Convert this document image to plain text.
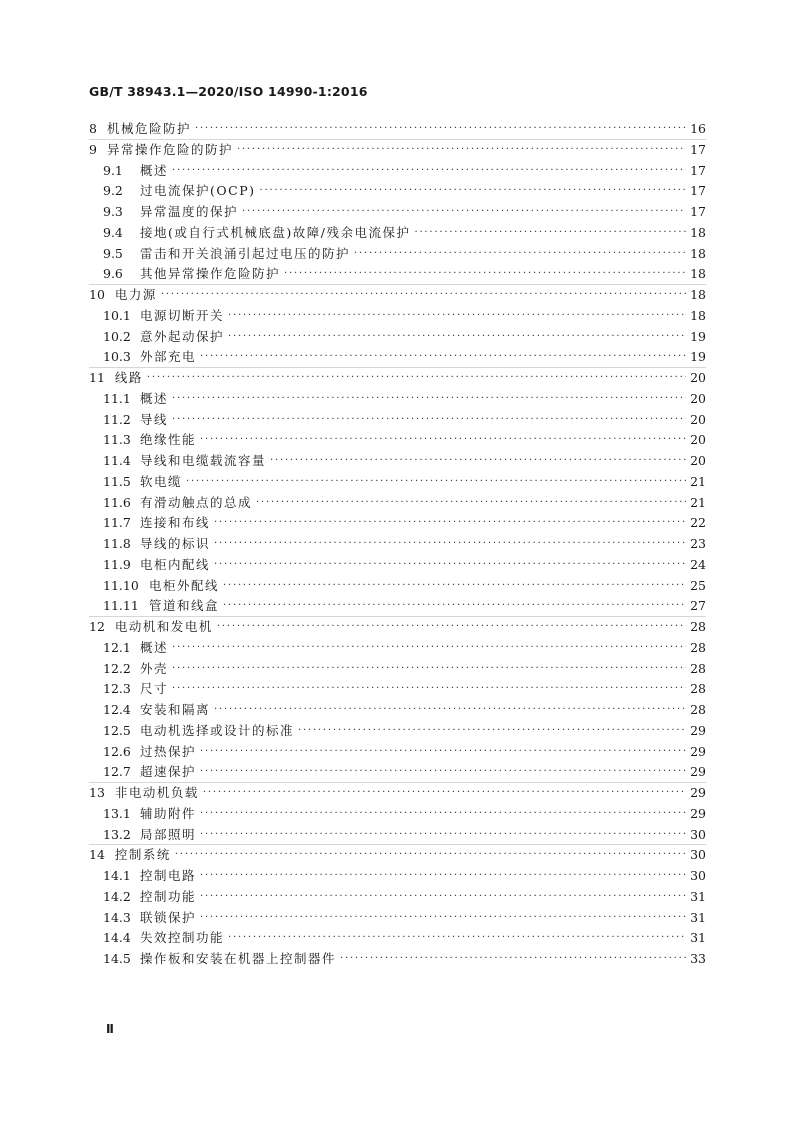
GB/T 38943.1—2020/ISO 14990-1:2016
8 机械危险防护 ·····	16
9 异常操作危险的防护 ·····	17
9.1	概述 ·····	17
9.2	过电流保护(OCP) ·····	17
9.3	异常温度的保护 ·····	17
9.4	接地(或自行式机械底盘)故障/残余电流保护 ·····	18
9.5	雷击和开关浪涌引起过电压的防护 ·····	18
9.6	其他异常操作危险防护 ·····	18
10 电力源 ·····	18
10.1 电源切断开关 ·····	18
10.2 意外起动保护 ·····	19
10.3 外部充电 ·····	19
11 线路 ·····	20
11.1 概述 ·····	20
11.2 导线 ·····	20
11.3 绝缘性能 ·····	20
11.4 导线和电缆载流容量 ·····	20
11.5 软电缆 ·····	21
11.6 有滑动触点的总成 ·····	21
11.7 连接和布线 ·····	22
11.8 导线的标识 ·····	23
11.9 电柜内配线 ·····	24
11.10 电柜外配线 ·····	25
11.11 管道和线盒 ·····	27
12 电动机和发电机 ·····	28
12.1 概述 ·····	28
12.2 外壳 ·····	28
12.3 尺寸 ·····	28
12.4 安装和隔离 ·····	28
12.5 电动机选择或设计的标准 ·····	29
12.6 过热保护 ·····	29
12.7 超速保护 ·····	29
13 非电动机负载 ·····	29
13.1 辅助附件 ·····	29
13.2 局部照明 ·····	30
14 控制系统 ·····	30
14.1 控制电路 ·····	30
14.2 控制功能 ·····	31
14.3 联锁保护 ·····	31
14.4 失效控制功能 ·····	31
14.5 操作板和安装在机器上控制器件 ·····	33
Ⅱ
